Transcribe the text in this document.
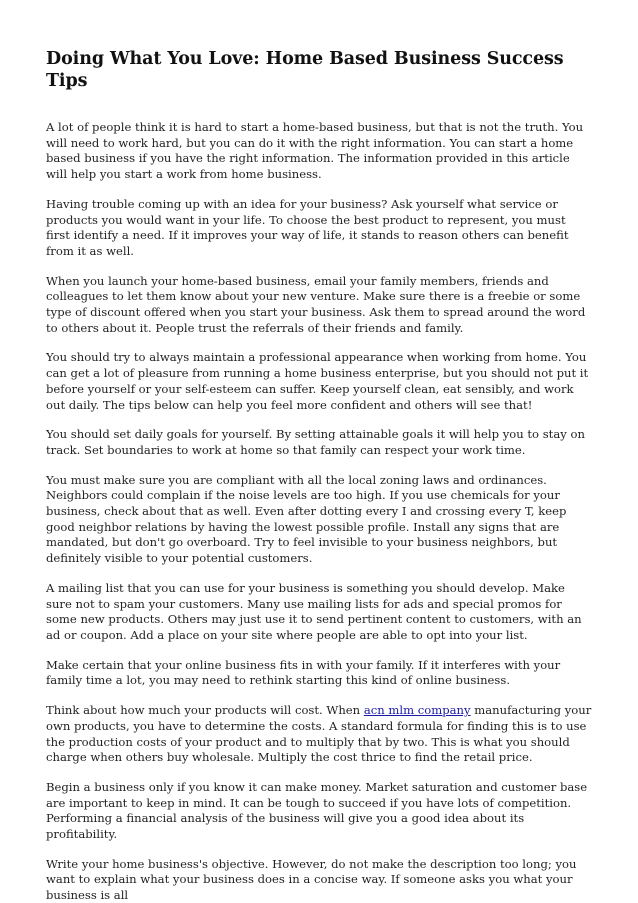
Doing What You Love: Home Based Business Success Tips

A lot of people think it is hard to start a home-based business, but that is not the truth. You will need to work hard, but you can do it with the right information. You can start a home based business if you have the right information. The information provided in this article will help you start a work from home business.

Having trouble coming up with an idea for your business? Ask yourself what service or products you would want in your life. To choose the best product to represent, you must first identify a need. If it improves your way of life, it stands to reason others can benefit from it as well.

When you launch your home-based business, email your family members, friends and colleagues to let them know about your new venture. Make sure there is a freebie or some type of discount offered when you start your business. Ask them to spread around the word to others about it. People trust the referrals of their friends and family.

You should try to always maintain a professional appearance when working from home. You can get a lot of pleasure from running a home business enterprise, but you should not put it before yourself or your self-esteem can suffer. Keep yourself clean, eat sensibly, and work out daily. The tips below can help you feel more confident and others will see that!

You should set daily goals for yourself. By setting attainable goals it will help you to stay on track. Set boundaries to work at home so that family can respect your work time.

You must make sure you are compliant with all the local zoning laws and ordinances. Neighbors could complain if the noise levels are too high. If you use chemicals for your business, check about that as well. Even after dotting every I and crossing every T, keep good neighbor relations by having the lowest possible profile. Install any signs that are mandated, but don't go overboard. Try to feel invisible to your business neighbors, but definitely visible to your potential customers.

A mailing list that you can use for your business is something you should develop. Make sure not to spam your customers. Many use mailing lists for ads and special promos for some new products. Others may just use it to send pertinent content to customers, with an ad or coupon. Add a place on your site where people are able to opt into your list.

Make certain that your online business fits in with your family. If it interferes with your family time a lot, you may need to rethink starting this kind of online business.

Think about how much your products will cost. When acn mlm company manufacturing your own products, you have to determine the costs. A standard formula for finding this is to use the production costs of your product and to multiply that by two. This is what you should charge when others buy wholesale. Multiply the cost thrice to find the retail price.

Begin a business only if you know it can make money. Market saturation and customer base are important to keep in mind. It can be tough to succeed if you have lots of competition. Performing a financial analysis of the business will give you a good idea about its profitability.

Write your home business's objective. However, do not make the description too long; you want to explain what your business does in a concise way. If someone asks you what your business is all
